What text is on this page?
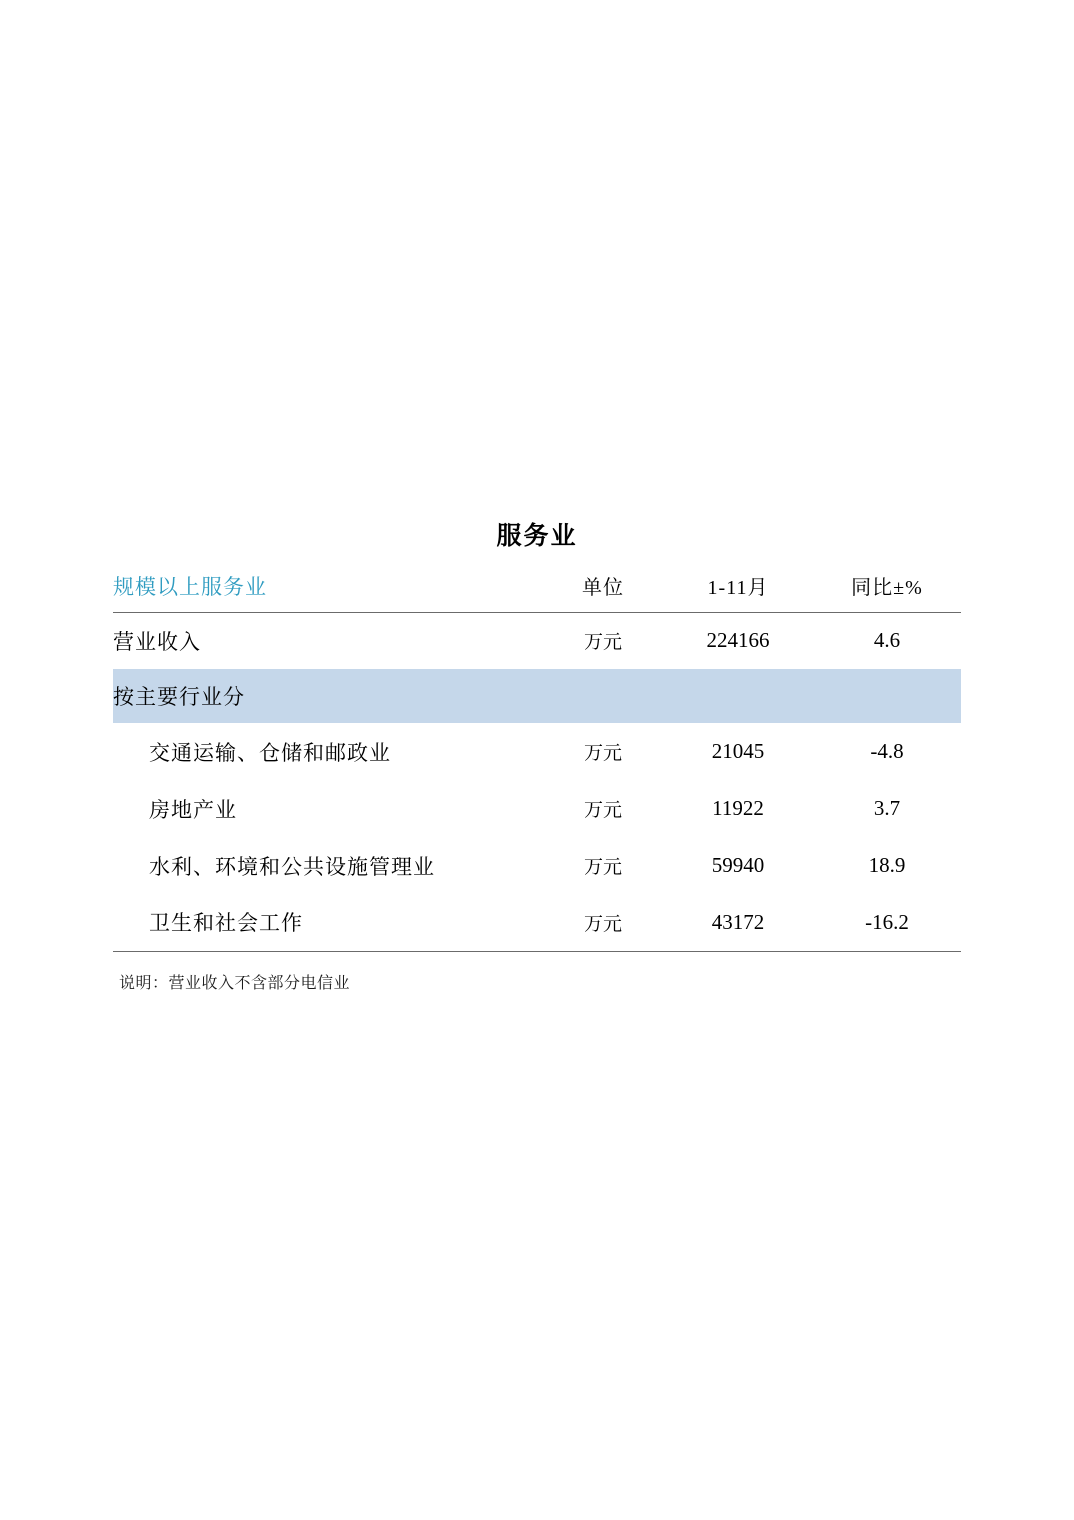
服务业
规模以上服务业	单位	1-11月	同比±%
营业收入	万元	224166	4.6
按主要行业分			
交通运输、仓储和邮政业	万元	21045	-4.8
房地产业	万元	11922	3.7
水利、环境和公共设施管理业	万元	59940	18.9
卫生和社会工作	万元	43172	-16.2
说明：营业收入不含部分电信业
